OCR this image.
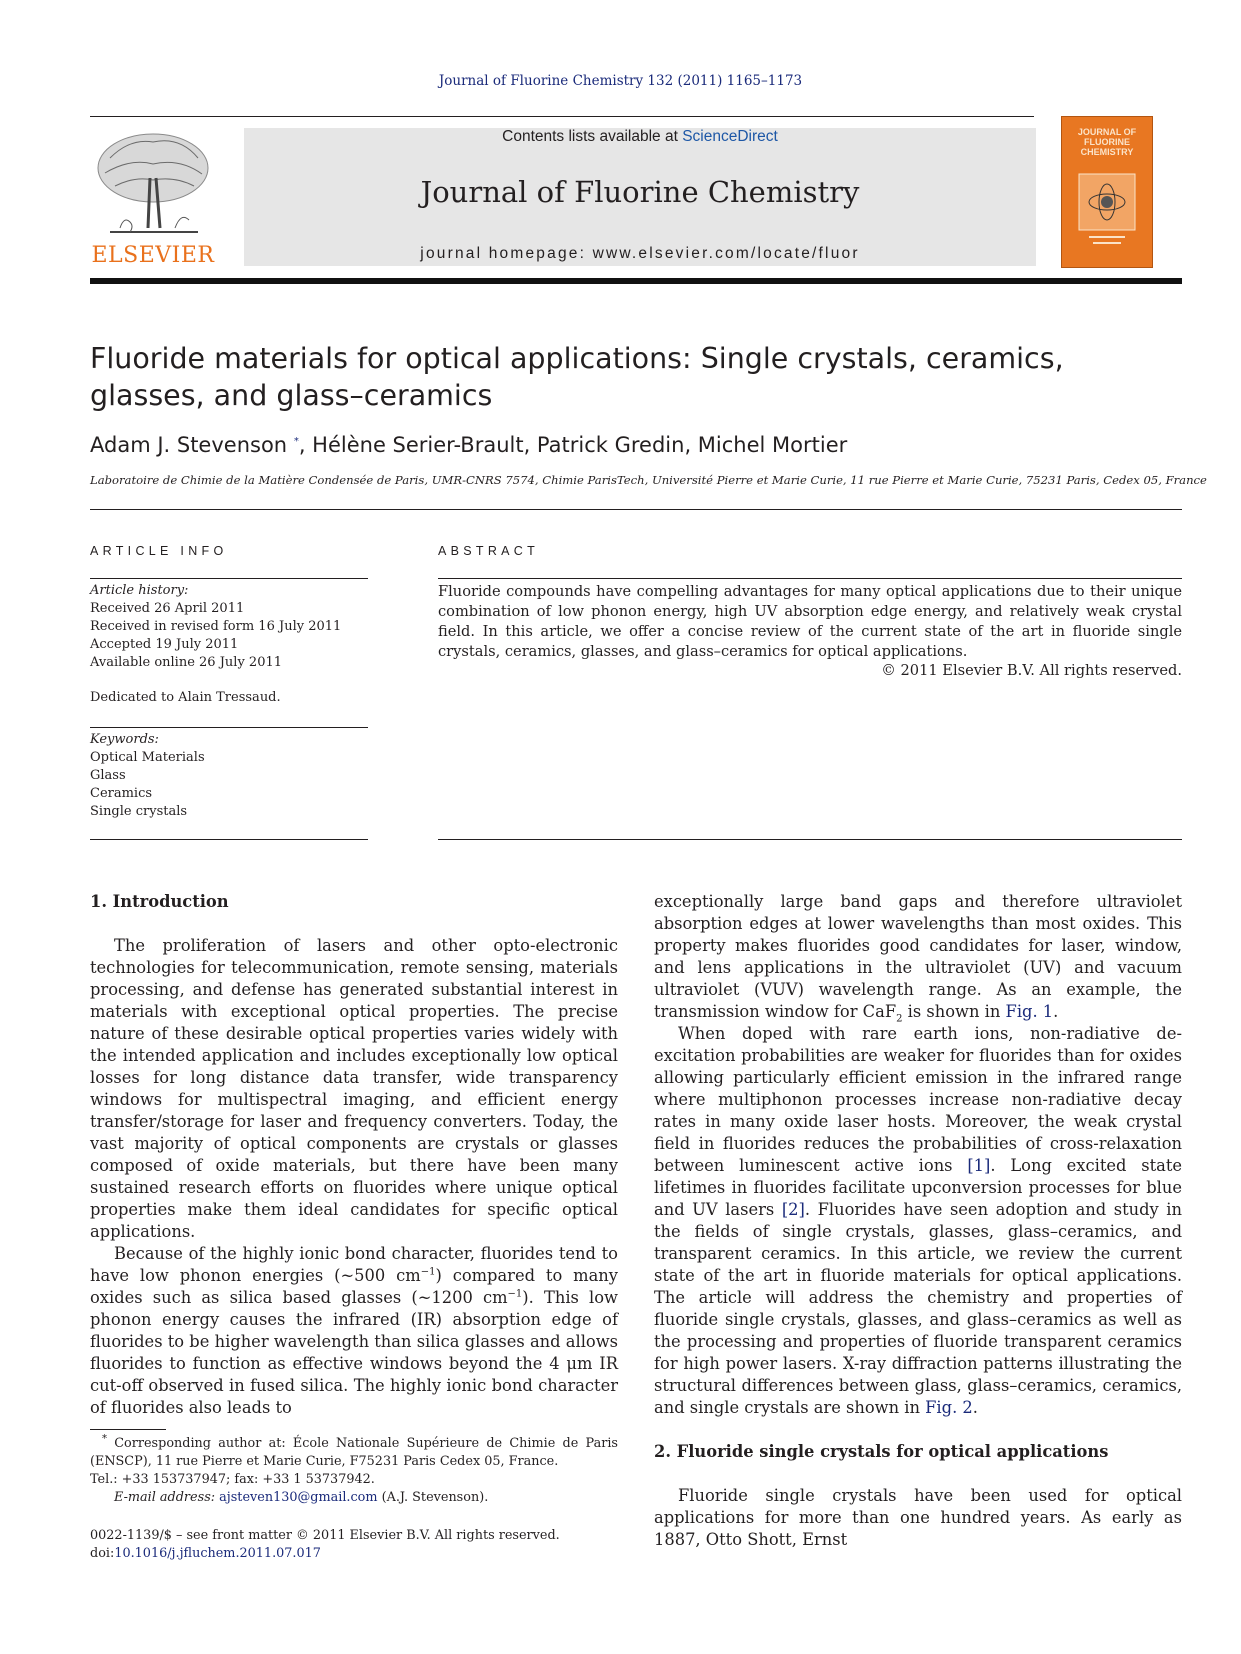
Journal of Fluorine Chemistry 132 (2011) 1165–1173
ELSEVIER
Contents lists available at ScienceDirect
Journal of Fluorine Chemistry
journal homepage: www.elsevier.com/locate/fluor
JOURNAL OF FLUORINE CHEMISTRY
Fluoride materials for optical applications: Single crystals, ceramics, glasses, and glass–ceramics
Adam J. Stevenson *, Hélène Serier-Brault, Patrick Gredin, Michel Mortier
Laboratoire de Chimie de la Matière Condensée de Paris, UMR-CNRS 7574, Chimie ParisTech, Université Pierre et Marie Curie, 11 rue Pierre et Marie Curie, 75231 Paris, Cedex 05, France
ARTICLE INFO	ABSTRACT
Article history:
Received 26 April 2011
Received in revised form 16 July 2011
Accepted 19 July 2011
Available online 26 July 2011
Dedicated to Alain Tressaud.
Keywords:
Optical Materials
Glass
Ceramics
Single crystals
Fluoride compounds have compelling advantages for many optical applications due to their unique combination of low phonon energy, high UV absorption edge energy, and relatively weak crystal field. In this article, we offer a concise review of the current state of the art in fluoride single crystals, ceramics, glasses, and glass–ceramics for optical applications.
© 2011 Elsevier B.V. All rights reserved.
1. Introduction

The proliferation of lasers and other opto-electronic technologies for telecommunication, remote sensing, materials processing, and defense has generated substantial interest in materials with exceptional optical properties. The precise nature of these desirable optical properties varies widely with the intended application and includes exceptionally low optical losses for long distance data transfer, wide transparency windows for multispectral imaging, and efficient energy transfer/storage for laser and frequency converters. Today, the vast majority of optical components are crystals or glasses composed of oxide materials, but there have been many sustained research efforts on fluorides where unique optical properties make them ideal candidates for specific optical applications.

Because of the highly ionic bond character, fluorides tend to have low phonon energies (~500 $cm^{-1}$) compared to many oxides such as silica based glasses (~1200 $cm^{-1}$). This low phonon energy causes the infrared (IR) absorption edge of fluorides to be higher wavelength than silica glasses and allows fluorides to function as effective windows beyond the 4 μm IR cut-off observed in fused silica. The highly ionic bond character of fluorides also leads to

exceptionally large band gaps and therefore ultraviolet absorption edges at lower wavelengths than most oxides. This property makes fluorides good candidates for laser, window, and lens applications in the ultraviolet (UV) and vacuum ultraviolet (VUV) wavelength range. As an example, the transmission window for CaF$_2$ is shown in Fig. 1.

When doped with rare earth ions, non-radiative de-excitation probabilities are weaker for fluorides than for oxides allowing particularly efficient emission in the infrared range where multiphonon processes increase non-radiative decay rates in many oxide laser hosts. Moreover, the weak crystal field in fluorides reduces the probabilities of cross-relaxation between luminescent active ions [1]. Long excited state lifetimes in fluorides facilitate upconversion processes for blue and UV lasers [2]. Fluorides have seen adoption and study in the fields of single crystals, glasses, glass–ceramics, and transparent ceramics. In this article, we review the current state of the art in fluoride materials for optical applications. The article will address the chemistry and properties of fluoride single crystals, glasses, and glass–ceramics as well as the processing and properties of fluoride transparent ceramics for high power lasers. X-ray diffraction patterns illustrating the structural differences between glass, glass–ceramics, ceramics, and single crystals are shown in Fig. 2.

2. Fluoride single crystals for optical applications

Fluoride single crystals have been used for optical applications for more than one hundred years. As early as 1887, Otto Shott, Ernst

* Corresponding author at: École Nationale Supérieure de Chimie de Paris (ENSCP), 11 rue Pierre et Marie Curie, F75231 Paris Cedex 05, France.

Tel.: +33 153737947; fax: +33 1 53737942.

E-mail address: ajsteven130@gmail.com (A.J. Stevenson).

0022-1139/$ – see front matter © 2011 Elsevier B.V. All rights reserved.

doi:10.1016/j.jfluchem.2011.07.017
